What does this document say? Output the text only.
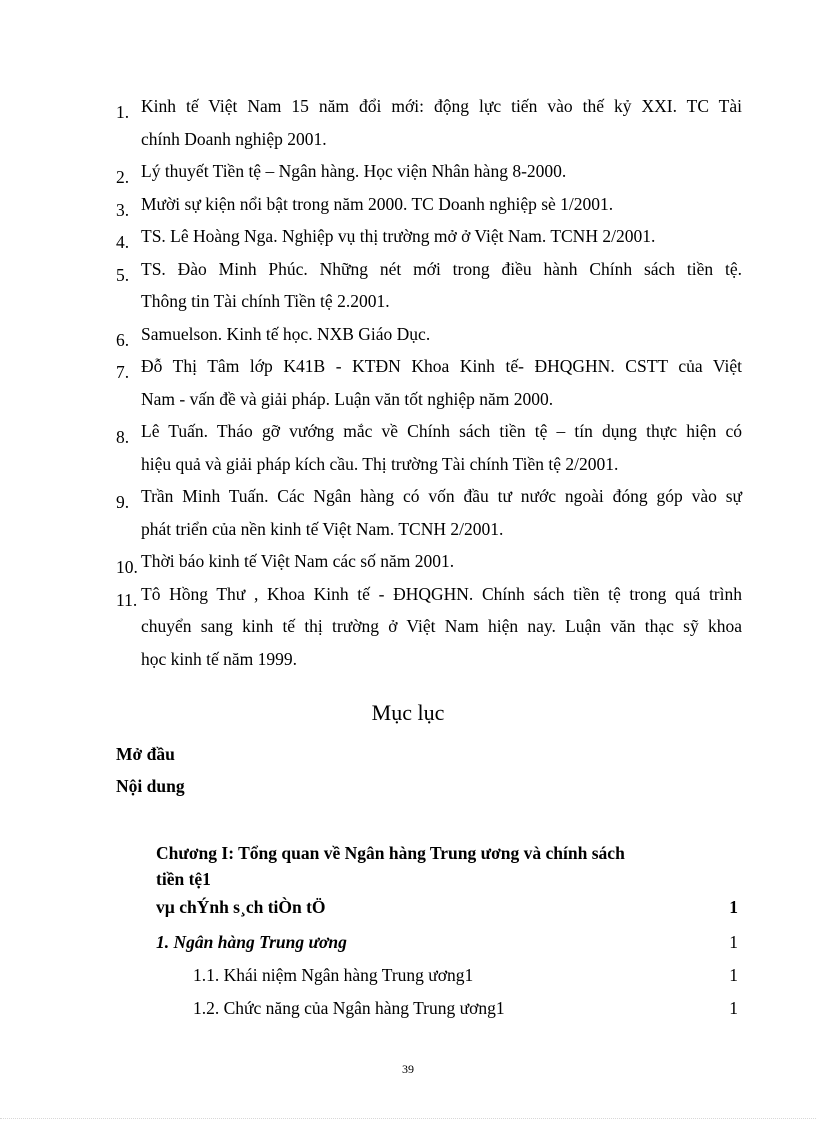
1. Kinh tế Việt Nam 15 năm đổi mới: động lực tiến vào thế kỷ XXI. TC Tài
chính Doanh nghiệp 2001.
2. Lý thuyết Tiền tệ – Ngân hàng. Học viện Nhân hàng 8-2000.
3. Mười sự kiện nổi bật trong năm 2000. TC Doanh nghiệp sè 1/2001.
4. TS. Lê Hoàng Nga. Nghiệp vụ thị trường mở ở Việt Nam. TCNH 2/2001.
5. TS. Đào Minh Phúc. Những nét mới trong điều hành Chính sách tiền tệ.
Thông tin Tài chính Tiền tệ 2.2001.
6. Samuelson. Kinh tế học. NXB Giáo Dục.
7. Đỗ Thị Tâm lớp K41B - KTĐN Khoa Kinh tế- ĐHQGHN. CSTT của Việt
Nam - vấn đề và giải pháp. Luận văn tốt nghiệp năm 2000.
8. Lê Tuấn. Tháo gỡ vướng mắc về Chính sách tiền tệ – tín dụng thực hiện có
hiệu quả và giải pháp kích cầu. Thị trường Tài chính Tiền tệ 2/2001.
9. Trần Minh Tuấn. Các Ngân hàng có vốn đầu tư nước ngoài đóng góp vào sự
phát triển của nền kinh tế Việt Nam. TCNH 2/2001.
10. Thời báo kinh tế Việt Nam các số năm 2001.
11. Tô Hồng Thư , Khoa Kinh tế - ĐHQGHN. Chính sách tiền tệ trong quá trình
chuyển sang kinh tế thị trường ở Việt Nam hiện nay. Luận văn thạc sỹ khoa
học kinh tế năm 1999.
Mục lục
Mở đầu
Nội dung
Chương I: Tổng quan về Ngân hàng Trung ương và chính sách
tiền tệ1
vµ chÝnh s¸ch tiÒn tÖ	1
1. Ngân hàng Trung ương	1
1.1. Khái niệm Ngân hàng Trung ương1	1
1.2. Chức năng của Ngân hàng Trung ương1	1
39
